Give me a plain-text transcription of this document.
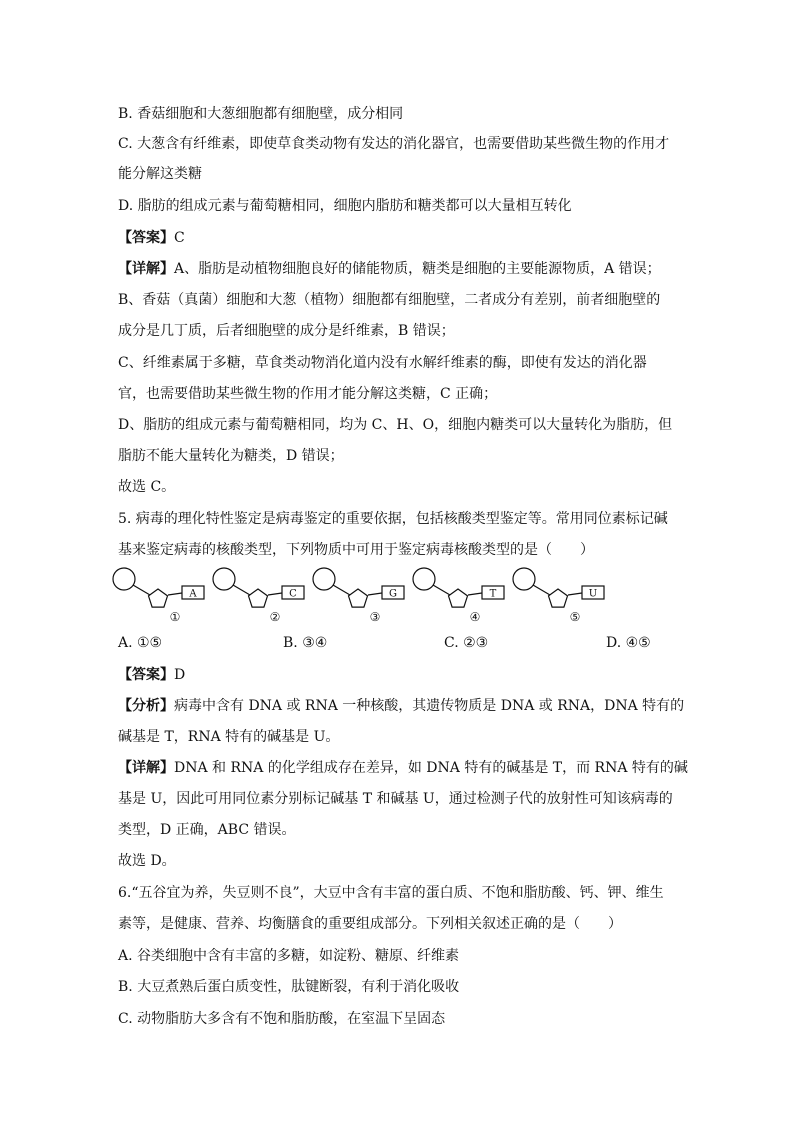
B. 香菇细胞和大葱细胞都有细胞壁，成分相同
C. 大葱含有纤维素，即使草食类动物有发达的消化器官，也需要借助某些微生物的作用才
能分解这类糖
D. 脂肪的组成元素与葡萄糖相同，细胞内脂肪和糖类都可以大量相互转化
【答案】C
【详解】A、脂肪是动植物细胞良好的储能物质，糖类是细胞的主要能源物质，A 错误；
B、香菇（真菌）细胞和大葱（植物）细胞都有细胞壁，二者成分有差别，前者细胞壁的
成分是几丁质，后者细胞壁的成分是纤维素，B 错误；
C、纤维素属于多糖，草食类动物消化道内没有水解纤维素的酶，即使有发达的消化器
官，也需要借助某些微生物的作用才能分解这类糖，C 正确；
D、脂肪的组成元素与葡萄糖相同，均为 C、H、O，细胞内糖类可以大量转化为脂肪，但
脂肪不能大量转化为糖类，D 错误；
故选 C。
5. 病毒的理化特性鉴定是病毒鉴定的重要依据，包括核酸类型鉴定等。常用同位素标记碱
基来鉴定病毒的核酸类型，下列物质中可用于鉴定病毒核酸类型的是（　　）
A
①
C
②
G
③
T
④
U
⑤
A. ①⑤	B. ③④	C. ②③	D. ④⑤
【答案】D
【分析】病毒中含有 DNA 或 RNA 一种核酸，其遗传物质是 DNA 或 RNA，DNA 特有的
碱基是 T，RNA 特有的碱基是 U。
【详解】DNA 和 RNA 的化学组成存在差异，如 DNA 特有的碱基是 T，而 RNA 特有的碱
基是 U，因此可用同位素分别标记碱基 T 和碱基 U，通过检测子代的放射性可知该病毒的
类型，D 正确，ABC 错误。
故选 D。
6.“五谷宜为养，失豆则不良”，大豆中含有丰富的蛋白质、不饱和脂肪酸、钙、钾、维生
素等，是健康、营养、均衡膳食的重要组成部分。下列相关叙述正确的是（　　）
A. 谷类细胞中含有丰富的多糖，如淀粉、糖原、纤维素
B. 大豆煮熟后蛋白质变性，肽键断裂，有利于消化吸收
C. 动物脂肪大多含有不饱和脂肪酸，在室温下呈固态
